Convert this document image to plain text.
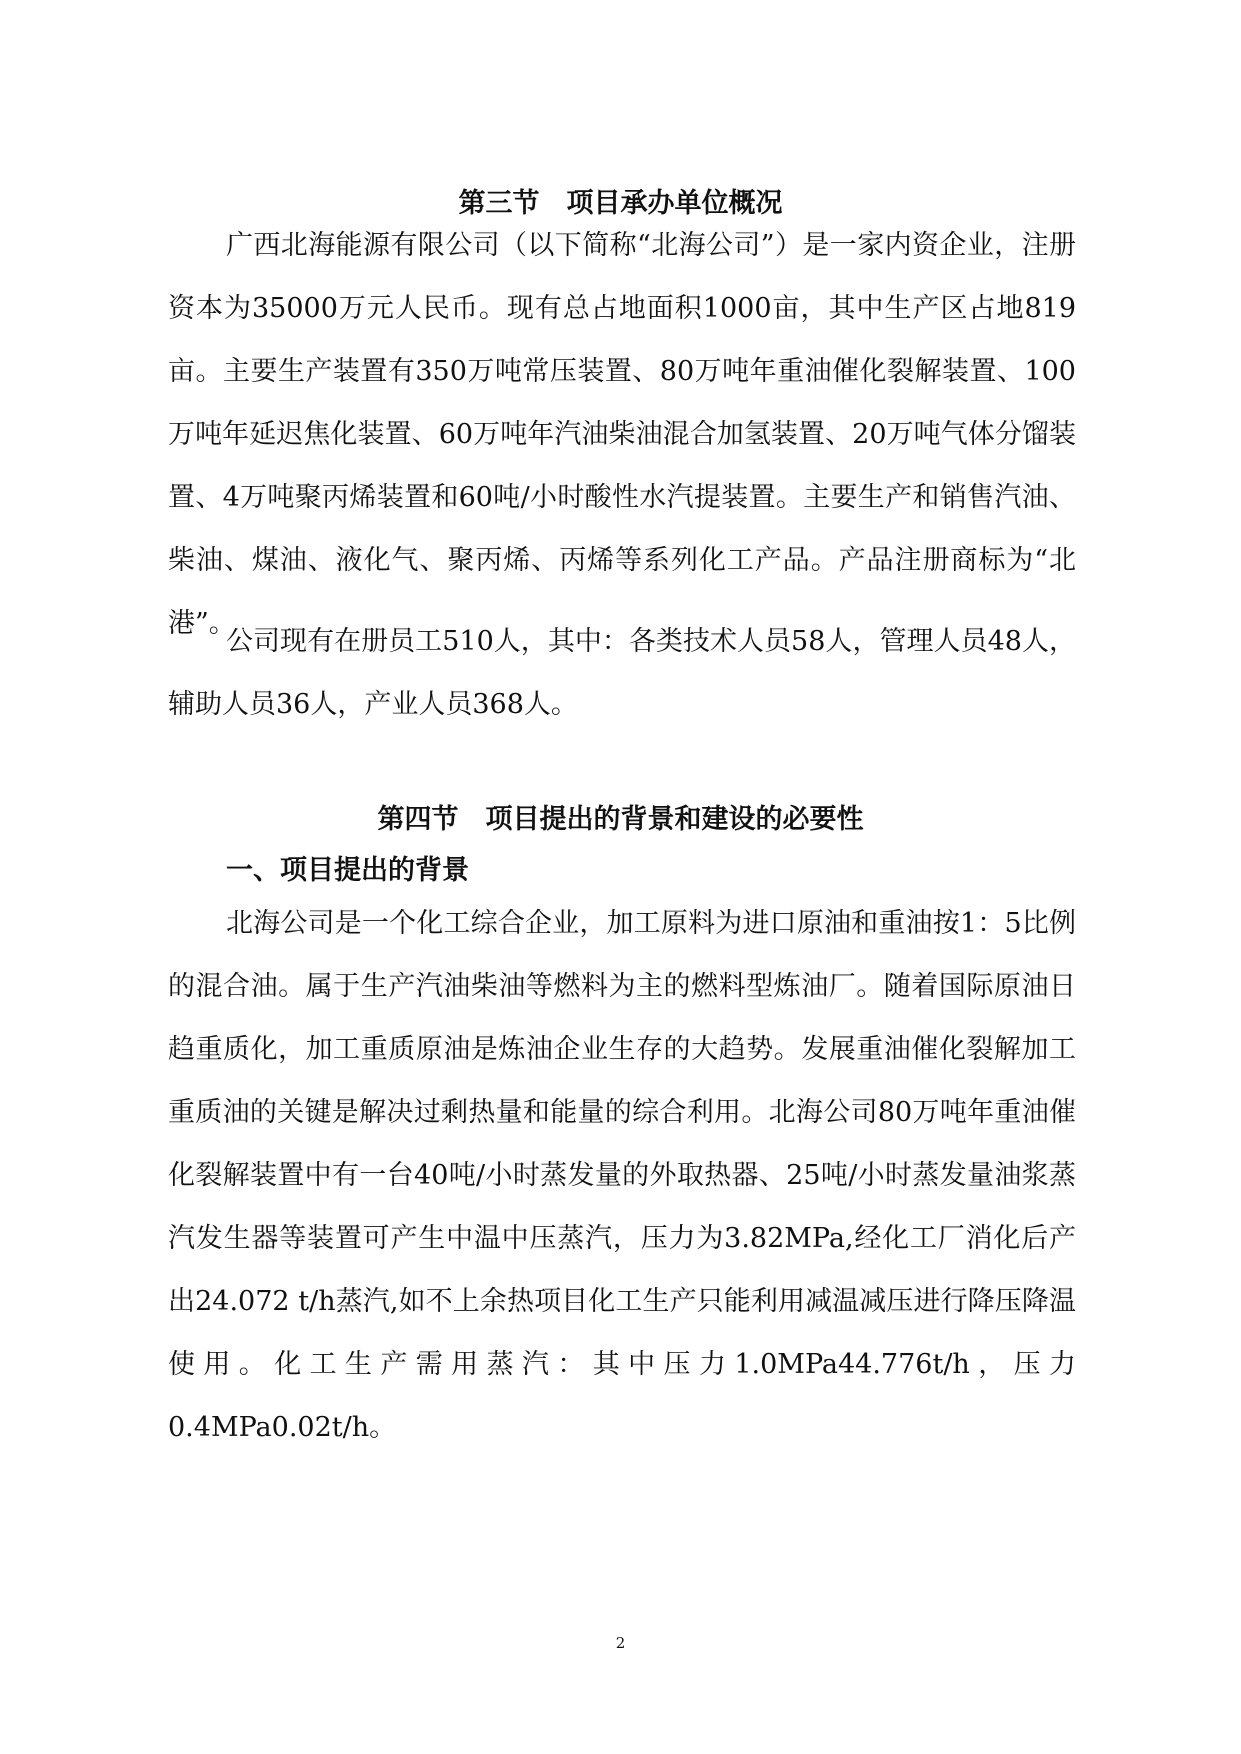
第三节　项目承办单位概况

广西北海能源有限公司（以下简称“北海公司”）是一家内资企业，注册资本为35000万元人民币。现有总占地面积1000亩，其中生产区占地819亩。主要生产装置有350万吨常压装置、80万吨年重油催化裂解装置、100万吨年延迟焦化装置、60万吨年汽油柴油混合加氢装置、20万吨气体分馏装置、4万吨聚丙烯装置和60吨/小时酸性水汽提装置。主要生产和销售汽油、柴油、煤油、液化气、聚丙烯、丙烯等系列化工产品。产品注册商标为“北港”。

公司现有在册员工510人，其中：各类技术人员58人，管理人员48人，辅助人员36人，产业人员368人。

第四节　项目提出的背景和建设的必要性
一、项目提出的背景

北海公司是一个化工综合企业，加工原料为进口原油和重油按1：5比例的混合油。属于生产汽油柴油等燃料为主的燃料型炼油厂。随着国际原油日趋重质化，加工重质原油是炼油企业生存的大趋势。发展重油催化裂解加工重质油的关键是解决过剩热量和能量的综合利用。北海公司80万吨年重油催化裂解装置中有一台40吨/小时蒸发量的外取热器、25吨/小时蒸发量油浆蒸汽发生器等装置可产生中温中压蒸汽，压力为3.82MPa,经化工厂消化后产出24.072 t/h蒸汽,如不上余热项目化工生产只能利用减温减压进行降压降温使用。化工生产需用蒸汽：其中压力1.0MPa44.776t/h，压力0.4MPa0.02t/h。

2
